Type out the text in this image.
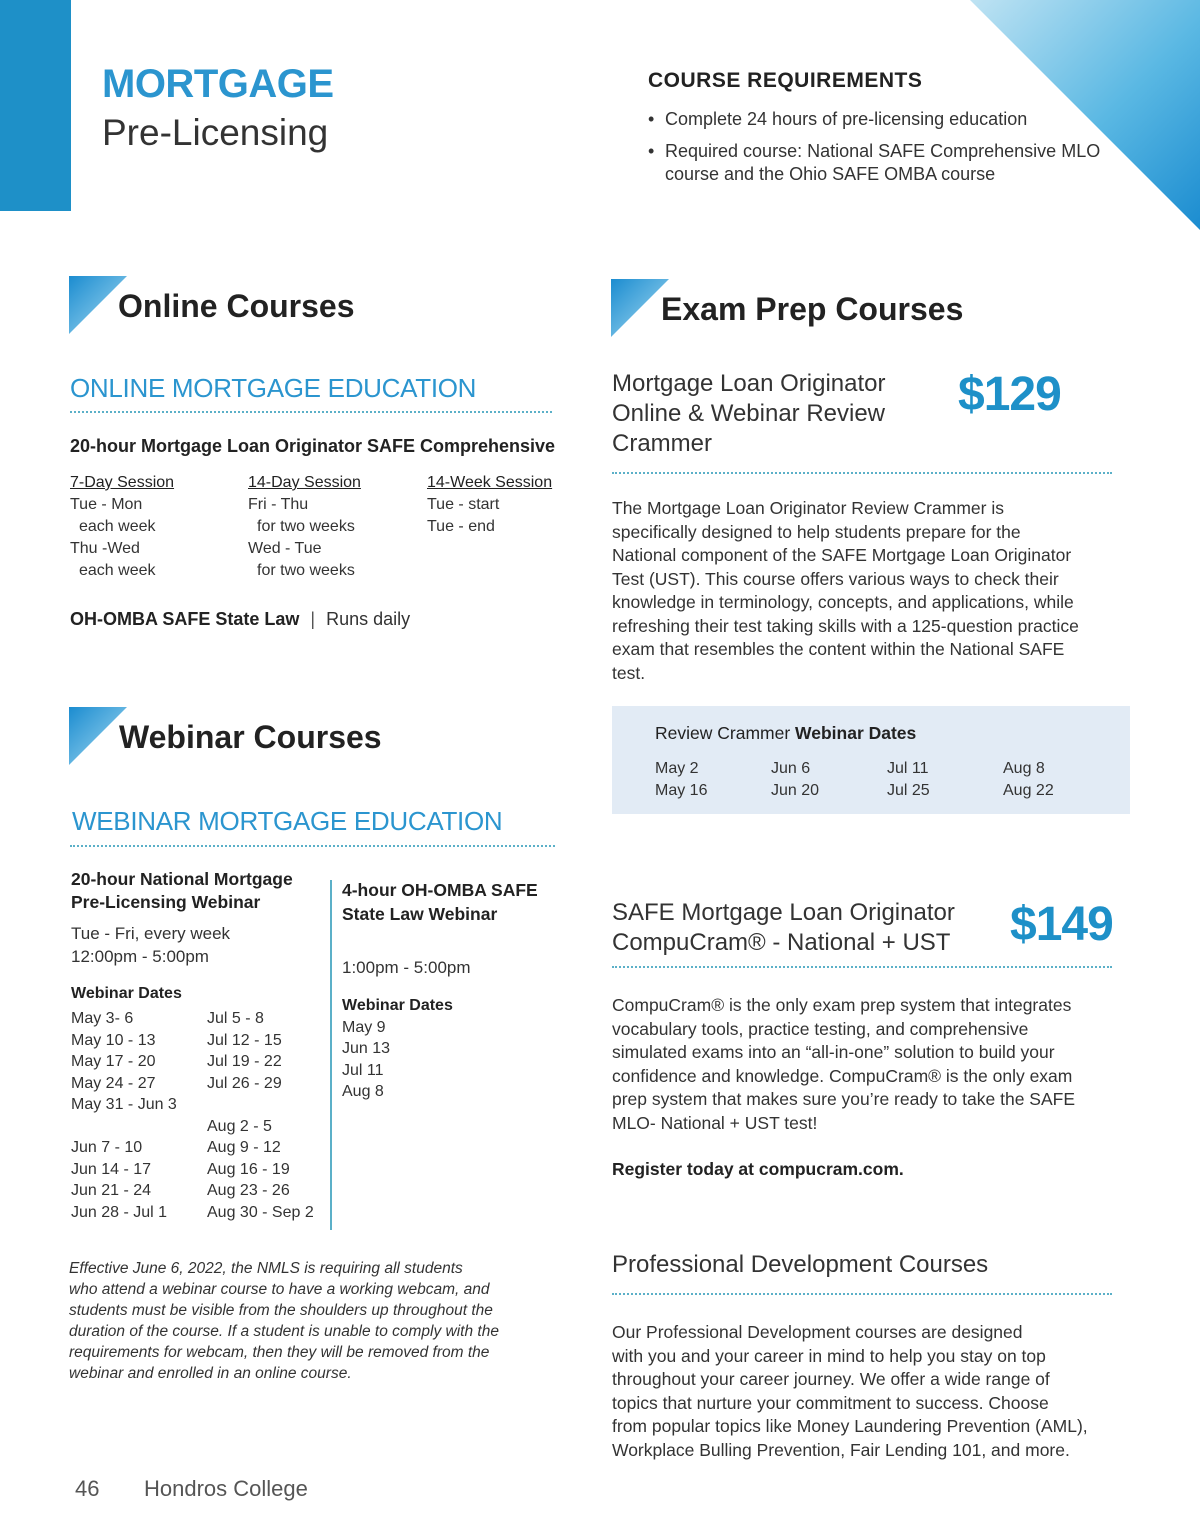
MORTGAGE
Pre-Licensing
COURSE REQUIREMENTS
• Complete 24 hours of pre-licensing education
• Required course: National SAFE Comprehensive MLO course and the Ohio SAFE OMBA course
Online Courses
ONLINE MORTGAGE EDUCATION
20-hour Mortgage Loan Originator SAFE Comprehensive
7-Day Session
Tue - Mon
each week
Thu -Wed
each week
14-Day Session
Fri - Thu
for two weeks
Wed - Tue
for two weeks
14-Week Session
Tue - start
Tue - end
OH-OMBA SAFE State Law | Runs daily
Webinar Courses
WEBINAR MORTGAGE EDUCATION
20-hour National Mortgage
Pre-Licensing Webinar
Tue - Fri, every week
12:00pm - 5:00pm
Webinar Dates
May 3- 6
May 10 - 13
May 17 - 20
May 24 - 27
May 31 - Jun 3
Jun 7 - 10
Jun 14 - 17
Jun 21 - 24
Jun 28 - Jul 1
Jul 5 - 8
Jul 12 - 15
Jul 19 - 22
Jul 26 - 29
Aug 2 - 5
Aug 9 - 12
Aug 16 - 19
Aug 23 - 26
Aug 30 - Sep 2
4-hour OH-OMBA SAFE
State Law Webinar
1:00pm - 5:00pm
Webinar Dates
May 9
Jun 13
Jul 11
Aug 8
Effective June 6, 2022, the NMLS is requiring all students
who attend a webinar course to have a working webcam, and
students must be visible from the shoulders up throughout the
duration of the course. If a student is unable to comply with the
requirements for webcam, then they will be removed from the
webinar and enrolled in an online course.
Exam Prep Courses
Mortgage Loan Originator
Online & Webinar Review
Crammer
$129
The Mortgage Loan Originator Review Crammer is
specifically designed to help students prepare for the
National component of the SAFE Mortgage Loan Originator
Test (UST). This course offers various ways to check their
knowledge in terminology, concepts, and applications, while
refreshing their test taking skills with a 125-question practice
exam that resembles the content within the National SAFE
test.
Review Crammer Webinar Dates
May 2
May 16
Jun 6
Jun 20
Jul 11
Jul 25
Aug 8
Aug 22
SAFE Mortgage Loan Originator
CompuCram® - National + UST	$149
CompuCram® is the only exam prep system that integrates
vocabulary tools, practice testing, and comprehensive
simulated exams into an “all-in-one” solution to build your
confidence and knowledge. CompuCram® is the only exam
prep system that makes sure you’re ready to take the SAFE
MLO- National + UST test!
Register today at compucram.com.
Professional Development Courses
Our Professional Development courses are designed
with you and your career in mind to help you stay on top
throughout your career journey. We offer a wide range of
topics that nurture your commitment to success. Choose
from popular topics like Money Laundering Prevention (AML),
Workplace Bulling Prevention, Fair Lending 101, and more.
46 Hondros College
